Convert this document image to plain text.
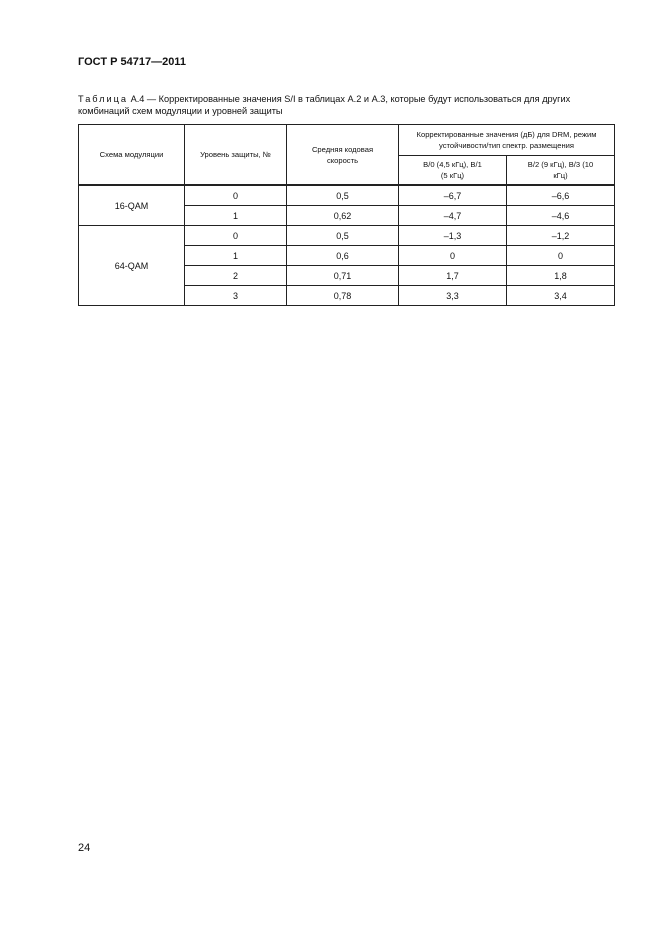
ГОСТ Р 54717—2011
Таблица А.4 — Корректированные значения S/I в таблицах А.2 и А.3, которые будут использоваться для других комбинаций схем модуляции и уровней защиты
Схема модуляции	Уровень защиты, №	Средняя кодовая скорость	Корректированные значения (дБ) для DRM, режим устойчивости/тип спектр. размещения	
			B/0 (4,5 кГц), B/1 (5 кГц)	B/2 (9 кГц), B/3 (10 кГц)
16-QAM	0	0,5	–6,7	–6,6
	1	0,62	–4,7	–4,6
64-QAM	0	0,5	–1,3	–1,2
	1	0,6	0	0
	2	0,71	1,7	1,8
	3	0,78	3,3	3,4
24
